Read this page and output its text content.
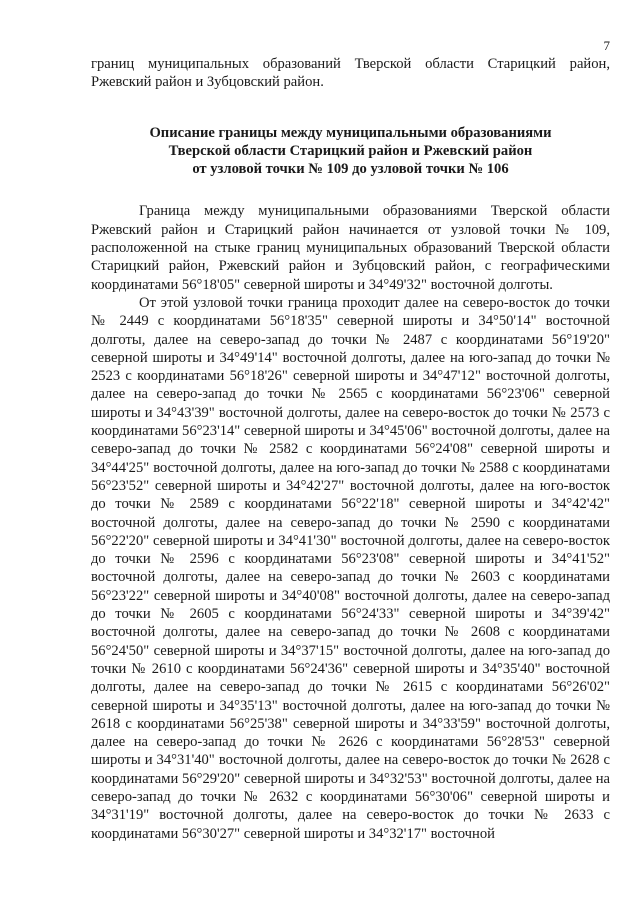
7

границ муниципальных образований Тверской области Старицкий район, Ржевский район и Зубцовский район.

Описание границы между муниципальными образованиями
Тверской области Старицкий район и Ржевский район
от узловой точки № 109 до узловой точки № 106

Граница между муниципальными образованиями Тверской области Ржевский район и Старицкий район начинается от узловой точки № 109, расположенной на стыке границ муниципальных образований Тверской области Старицкий район, Ржевский район и Зубцовский район, с географическими координатами 56°18'05" северной широты и 34°49'32" восточной долготы.

От этой узловой точки граница проходит далее на северо-восток до точки № 2449 с координатами 56°18'35" северной широты и 34°50'14" восточной долготы, далее на северо-запад до точки № 2487 с координатами 56°19'20" северной широты и 34°49'14" восточной долготы, далее на юго-запад до точки № 2523 с координатами 56°18'26" северной широты и 34°47'12" восточной долготы, далее на северо-запад до точки № 2565 с координатами 56°23'06" северной широты и 34°43'39" восточной долготы, далее на северо-восток до точки № 2573 с координатами 56°23'14" северной широты и 34°45'06" восточной долготы, далее на северо-запад до точки № 2582 с координатами 56°24'08" северной широты и 34°44'25" восточной долготы, далее на юго-запад до точки № 2588 с координатами 56°23'52" северной широты и 34°42'27" восточной долготы, далее на юго-восток до точки № 2589 с координатами 56°22'18" северной широты и 34°42'42" восточной долготы, далее на северо-запад до точки № 2590 с координатами 56°22'20" северной широты и 34°41'30" восточной долготы, далее на северо-восток до точки № 2596 с координатами 56°23'08" северной широты и 34°41'52" восточной долготы, далее на северо-запад до точки № 2603 с координатами 56°23'22" северной широты и 34°40'08" восточной долготы, далее на северо-запад до точки № 2605 с координатами 56°24'33" северной широты и 34°39'42" восточной долготы, далее на северо-запад до точки № 2608 с координатами 56°24'50" северной широты и 34°37'15" восточной долготы, далее на юго-запад до точки № 2610 с координатами 56°24'36" северной широты и 34°35'40" восточной долготы, далее на северо-запад до точки № 2615 с координатами 56°26'02" северной широты и 34°35'13" восточной долготы, далее на юго-запад до точки № 2618 с координатами 56°25'38" северной широты и 34°33'59" восточной долготы, далее на северо-запад до точки № 2626 с координатами 56°28'53" северной широты и 34°31'40" восточной долготы, далее на северо-восток до точки № 2628 с координатами 56°29'20" северной широты и 34°32'53" восточной долготы, далее на северо-запад до точки № 2632 с координатами 56°30'06" северной широты и 34°31'19" восточной долготы, далее на северо-восток до точки № 2633 с координатами 56°30'27" северной широты и 34°32'17" восточной
